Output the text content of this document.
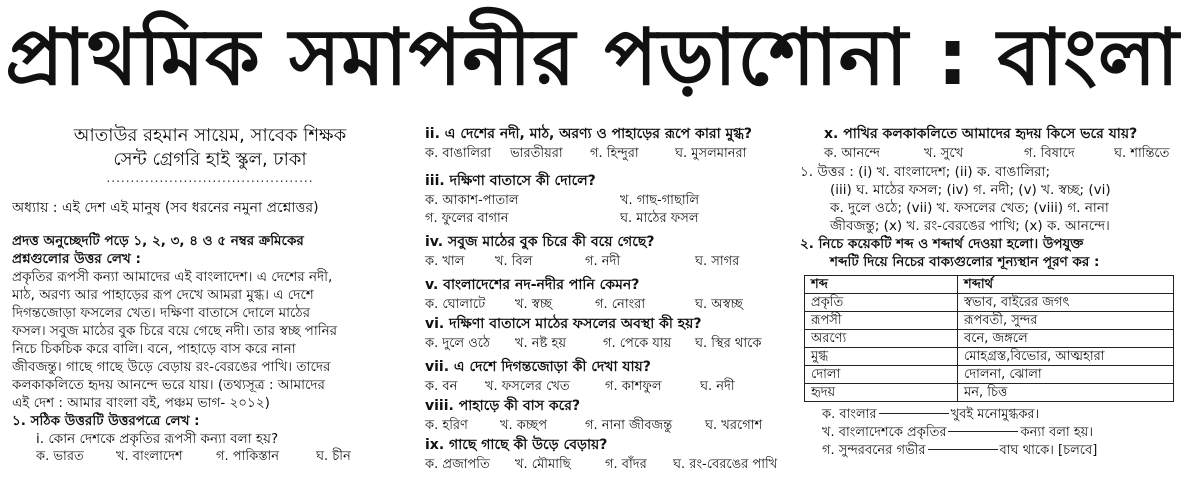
প্রাথমিক সমাপনীর পড়াশোনা : বাংলা
আতাউর রহমান সায়েম, সাবেক শিক্ষক
সেন্ট গ্রেগরি হাই স্কুল, ঢাকা
...........................................
অধ্যায় : এই দেশ এই মানুষ (সব ধরনের নমুনা প্রশ্নোত্তর)
প্রদত্ত অনুচ্ছেদটি পড়ে ১, ২, ৩, ৪ ও ৫ নম্বর ক্রমিকের
প্রশ্নগুলোর উত্তর লেখ :
প্রকৃতির রূপসী কন্যা আমাদের এই বাংলাদেশ। এ দেশের নদী,
মাঠ, অরণ্য আর পাহাড়ের রূপ দেখে আমরা মুগ্ধ। এ দেশে
দিগন্তজোড়া ফসলের খেত। দক্ষিণা বাতাসে দোলে মাঠের
ফসল। সবুজ মাঠের বুক চিরে বয়ে গেছে নদী। তার স্বচ্ছ পানির
নিচে চিকচিক করে বালি। বনে, পাহাড়ে বাস করে নানা
জীবজন্তু। গাছে গাছে উড়ে বেড়ায় রং-বেরঙের পাখি। তাদের
কলকাকলিতে হৃদয় আনন্দে ভরে যায়। (তথ্যসূত্র : আমাদের
এই দেশ : আমার বাংলা বই, পঞ্চম ভাগ- ২০১২)
১. সঠিক উত্তরটি উত্তরপত্রে লেখ :
i. কোন দেশকে প্রকৃতির রূপসী কন্যা বলা হয়?
ক. ভারত	খ. বাংলাদেশ	গ. পাকিস্তান	ঘ. চীন
ii. এ দেশের নদী, মাঠ, অরণ্য ও পাহাড়ের রূপে কারা মুগ্ধ?
ক. বাঙালিরা	ভারতীয়রা	গ. হিন্দুরা	ঘ. মুসলমানরা
iii. দক্ষিণা বাতাসে কী দোলে?
ক. আকাশ-পাতাল	খ. গাছ-গাছালি
গ. ফুলের বাগান	ঘ. মাঠের ফসল
iv. সবুজ মাঠের বুক চিরে কী বয়ে গেছে?
ক. খাল	খ. বিল	গ. নদী	ঘ. সাগর
v. বাংলাদেশের নদ-নদীর পানি কেমন?
ক. ঘোলাটে	খ. স্বচ্ছ	গ. নোংরা	ঘ. অস্বচ্ছ
vi. দক্ষিণা বাতাসে মাঠের ফসলের অবস্থা কী হয়?
ক. দুলে ওঠে	খ. নষ্ট হয়	গ. পেকে যায়	ঘ. স্থির থাকে
vii. এ দেশে দিগন্তজোড়া কী দেখা যায়?
ক. বন	খ. ফসলের খেত	গ. কাশফুল	ঘ. নদী
viii. পাহাড়ে কী বাস করে?
ক. হরিণ	খ. কচ্ছপ	গ. নানা জীবজন্তু	ঘ. খরগোশ
ix. গাছে গাছে কী উড়ে বেড়ায়?
ক. প্রজাপতি	খ. মৌমাছি	গ. বাঁদর	ঘ. রং-বেরঙের পাখি
x. পাখির কলকাকলিতে আমাদের হৃদয় কিসে ভরে যায়?
ক. আনন্দে	খ. সুখে	গ. বিষাদে	ঘ. শান্তিতে
১. উত্তর : (i) খ. বাংলাদেশ; (ii) ক. বাঙালিরা;
(iii) ঘ. মাঠের ফসল; (iv) গ. নদী; (v) খ. স্বচ্ছ; (vi)
ক. দুলে ওঠে; (vii) খ. ফসলের খেত; (viii) গ. নানা
জীবজন্তু; (x) খ. রং-বেরঙের পাখি; (x) ক. আনন্দে।
২. নিচে কয়েকটি শব্দ ও শব্দার্থ দেওয়া হলো। উপযুক্ত
শব্দটি দিয়ে নিচের বাক্যগুলোর শূন্যস্থান পূরণ কর :
শব্দ	শব্দার্থ
প্রকৃতি	স্বভাব, বাইরের জগৎ
রূপসী	রূপবতী, সুন্দর
অরণ্যে	বনে, জঙ্গলে
মুগ্ধ	মোহগ্রস্ত,বিভোর, আত্মহারা
দোলা	দোলনা, ঝোলা
হৃদয়	মন, চিত্ত
ক. বাংলার	খুবই মনোমুগ্ধকর।
খ. বাংলাদেশকে প্রকৃতির	কন্যা বলা হয়।
গ. সুন্দরবনের গভীর	বাঘ থাকে। [চলবে]
